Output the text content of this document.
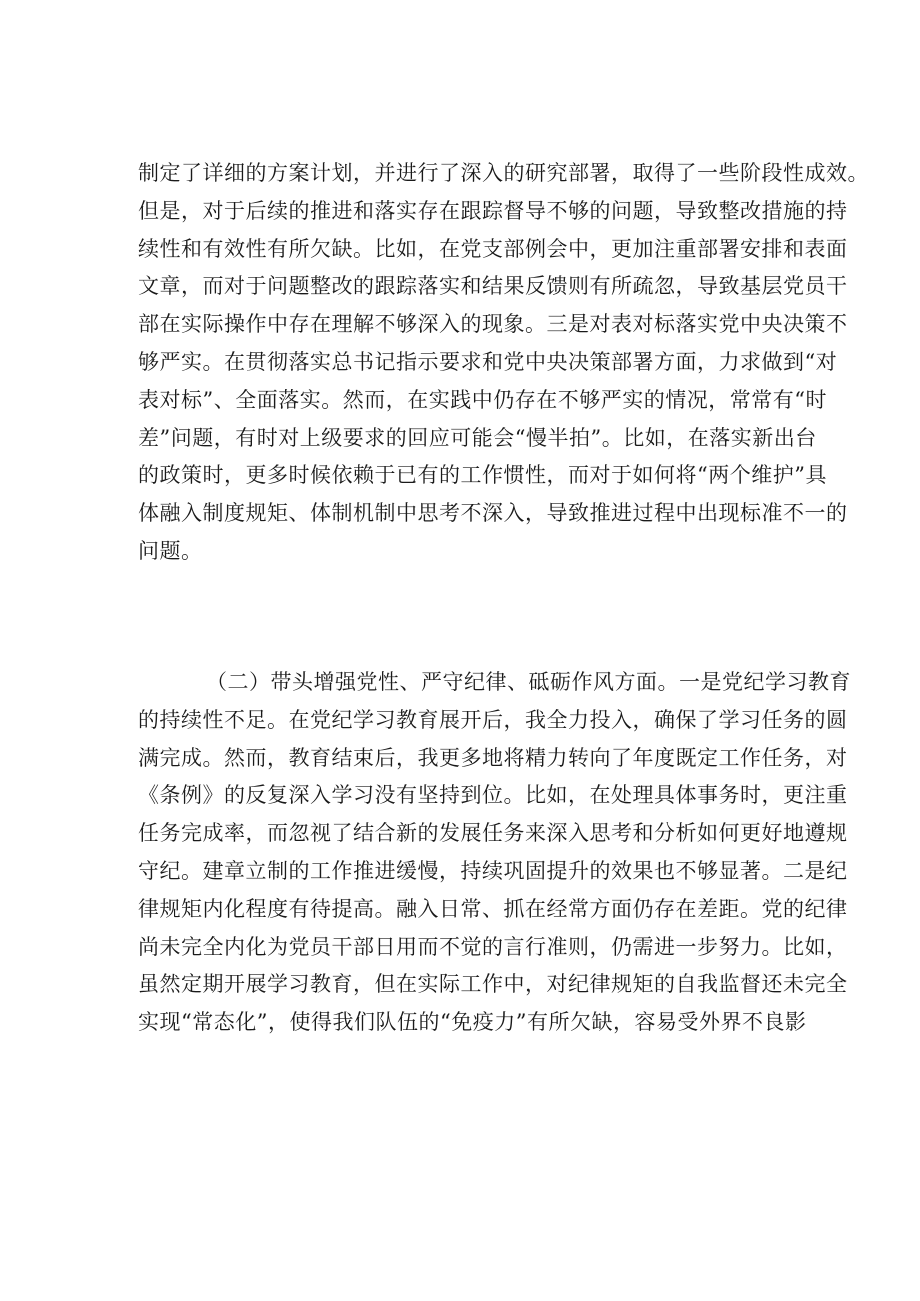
制定了详细的方案计划，并进行了深入的研究部署，取得了一些阶段性成效。
但是，对于后续的推进和落实存在跟踪督导不够的问题，导致整改措施的持
续性和有效性有所欠缺。比如，在党支部例会中，更加注重部署安排和表面
文章，而对于问题整改的跟踪落实和结果反馈则有所疏忽，导致基层党员干
部在实际操作中存在理解不够深入的现象。三是对表对标落实党中央决策不
够严实。在贯彻落实总书记指示要求和党中央决策部署方面，力求做到“对
表对标”、全面落实。然而，在实践中仍存在不够严实的情况，常常有“时
差”问题，有时对上级要求的回应可能会“慢半拍”。比如，在落实新出台
的政策时，更多时候依赖于已有的工作惯性，而对于如何将“两个维护”具
体融入制度规矩、体制机制中思考不深入，导致推进过程中出现标准不一的
问题。
（二）带头增强党性、严守纪律、砥砺作风方面。一是党纪学习教育
的持续性不足。在党纪学习教育展开后，我全力投入，确保了学习任务的圆
满完成。然而，教育结束后，我更多地将精力转向了年度既定工作任务，对
《条例》的反复深入学习没有坚持到位。比如，在处理具体事务时，更注重
任务完成率，而忽视了结合新的发展任务来深入思考和分析如何更好地遵规
守纪。建章立制的工作推进缓慢，持续巩固提升的效果也不够显著。二是纪
律规矩内化程度有待提高。融入日常、抓在经常方面仍存在差距。党的纪律
尚未完全内化为党员干部日用而不觉的言行准则，仍需进一步努力。比如，
虽然定期开展学习教育，但在实际工作中，对纪律规矩的自我监督还未完全
实现“常态化”，使得我们队伍的“免疫力”有所欠缺，容易受外界不良影
